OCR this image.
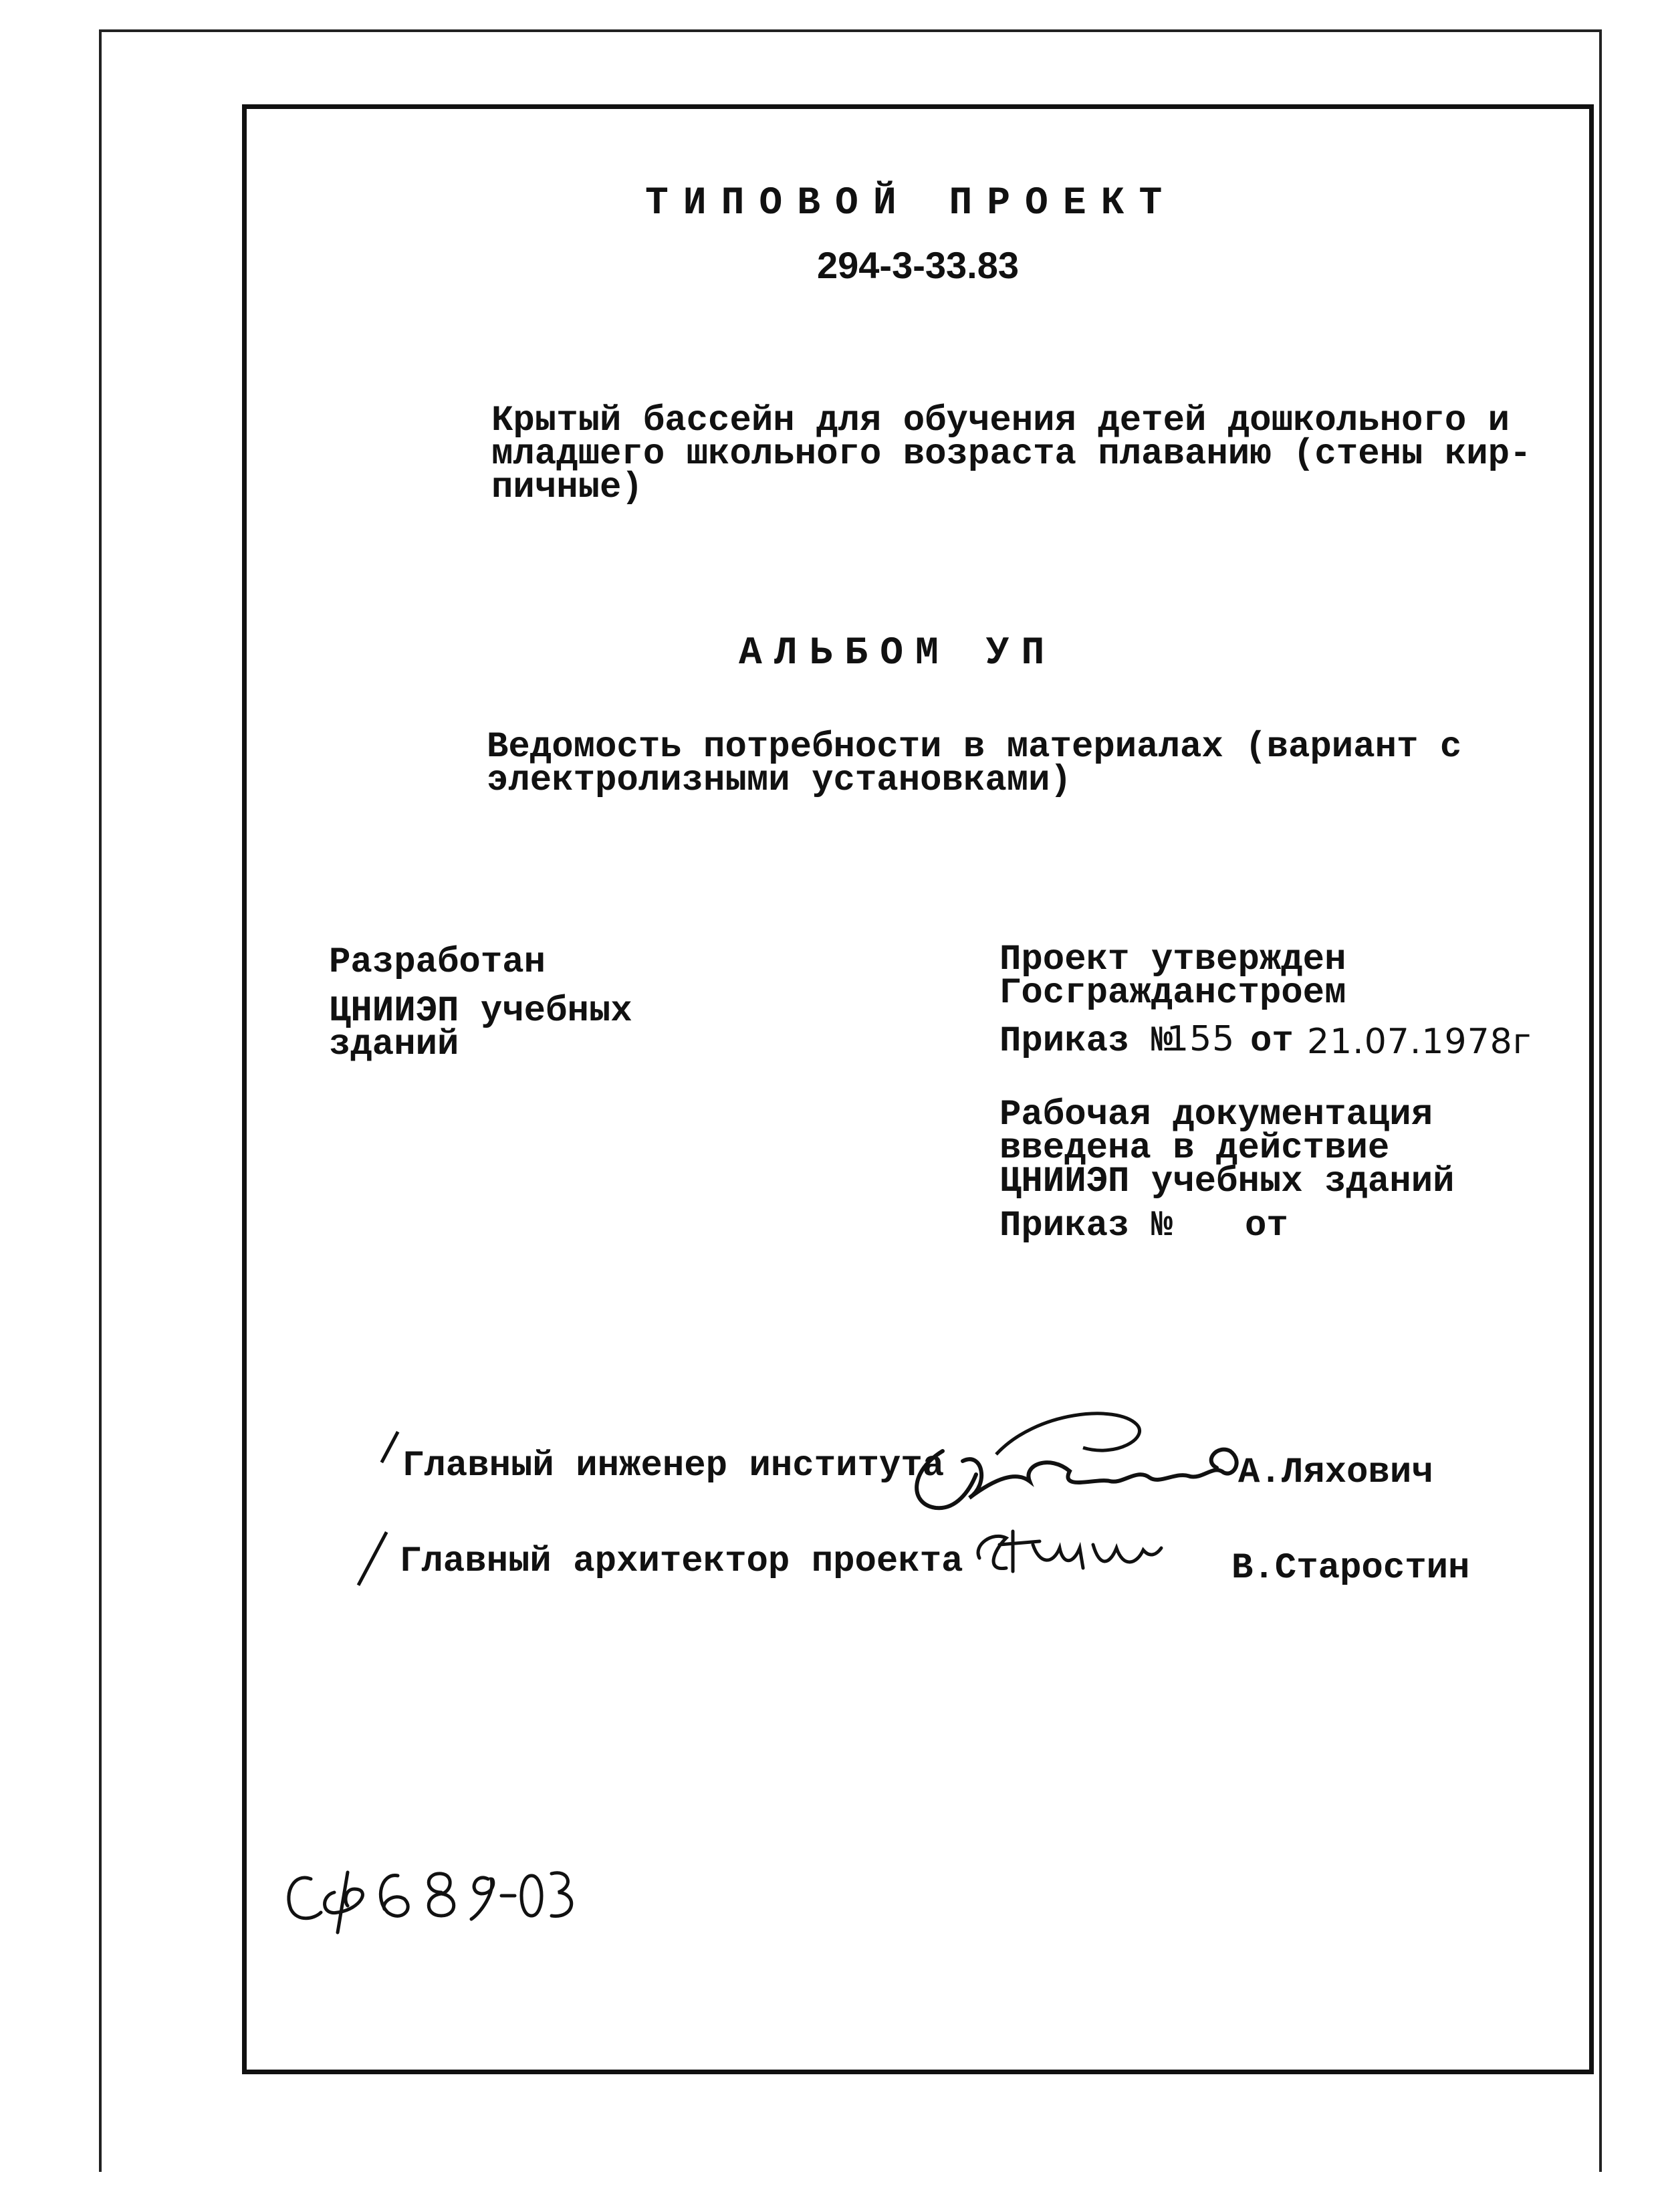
ТИПОВОЙ ПРОЕКТ
294-3-33.83
Крытый бассейн для обучения детей дошкольного и
младшего школьного возраста плаванию (стены кир-
пичные)
АЛЬБОМ УП
Ведомость потребности в материалах (вариант с
электролизными установками)
Разработан
ЦНИИЭП учебных
зданий
Проект утвержден
Госгражданстроем
Приказ №
155 от 21.07.1978г
Рабочая документация
введена в действие
ЦНИИЭП учебных зданий
Приказ № от
Главный инженер института	А.Ляхович
Главный архитектор проекта	В.Старостин
